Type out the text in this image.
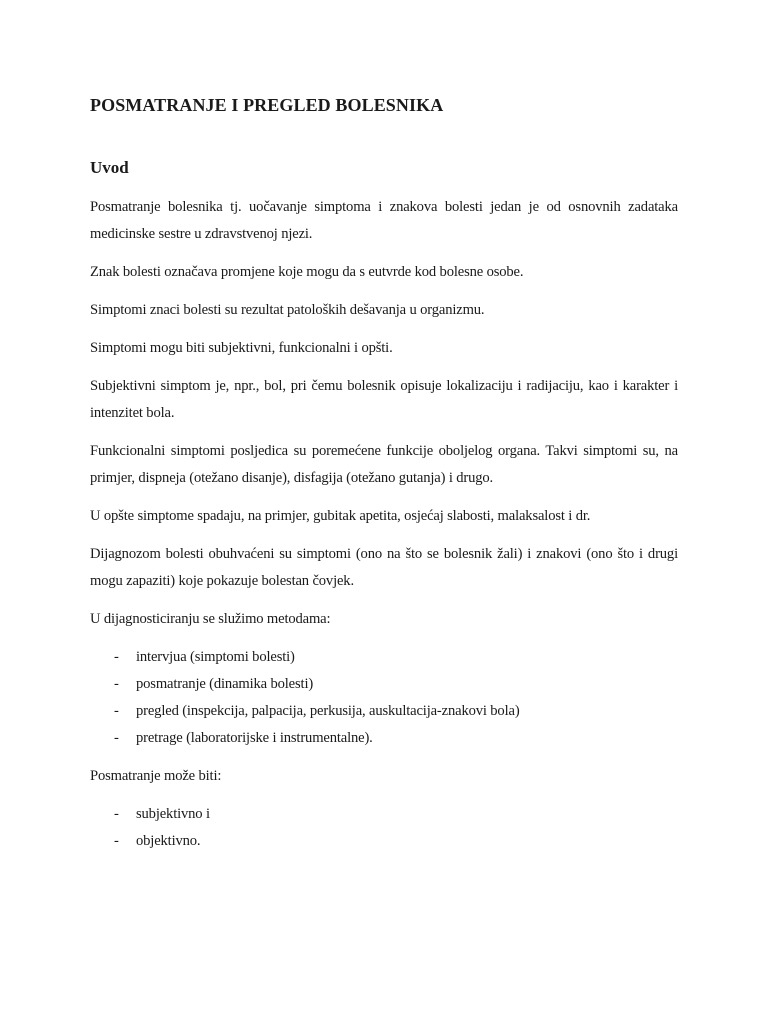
POSMATRANJE I PREGLED BOLESNIKA
Uvod

Posmatranje bolesnika tj. uočavanje simptoma i znakova bolesti jedan je od osnovnih zadataka medicinske sestre u zdravstvenoj njezi.

Znak bolesti označava promjene koje mogu da s eutvrde kod bolesne osobe.

Simptomi znaci bolesti su rezultat patoloških dešavanja u organizmu.

Simptomi mogu biti subjektivni, funkcionalni i opšti.

Subjektivni simptom je, npr., bol, pri čemu bolesnik opisuje lokalizaciju i radijaciju, kao i karakter i intenzitet bola.

Funkcionalni simptomi posljedica su poremećene funkcije oboljelog organa. Takvi simptomi su, na primjer, dispneja (otežano disanje), disfagija (otežano gutanja) i drugo.

U opšte simptome spadaju, na primjer, gubitak apetita, osjećaj slabosti, malaksalost i dr.

Dijagnozom bolesti obuhvaćeni su simptomi (ono na što se bolesnik žali) i znakovi (ono što i drugi mogu zapaziti) koje pokazuje bolestan čovjek.

U dijagnosticiranju se služimo metodama:

- intervjua (simptomi bolesti)
- posmatranje (dinamika bolesti)
- pregled (inspekcija, palpacija, perkusija, auskultacija-znakovi bola)
- pretrage (laboratorijske i instrumentalne).

Posmatranje može biti:

- subjektivno i
- objektivno.
